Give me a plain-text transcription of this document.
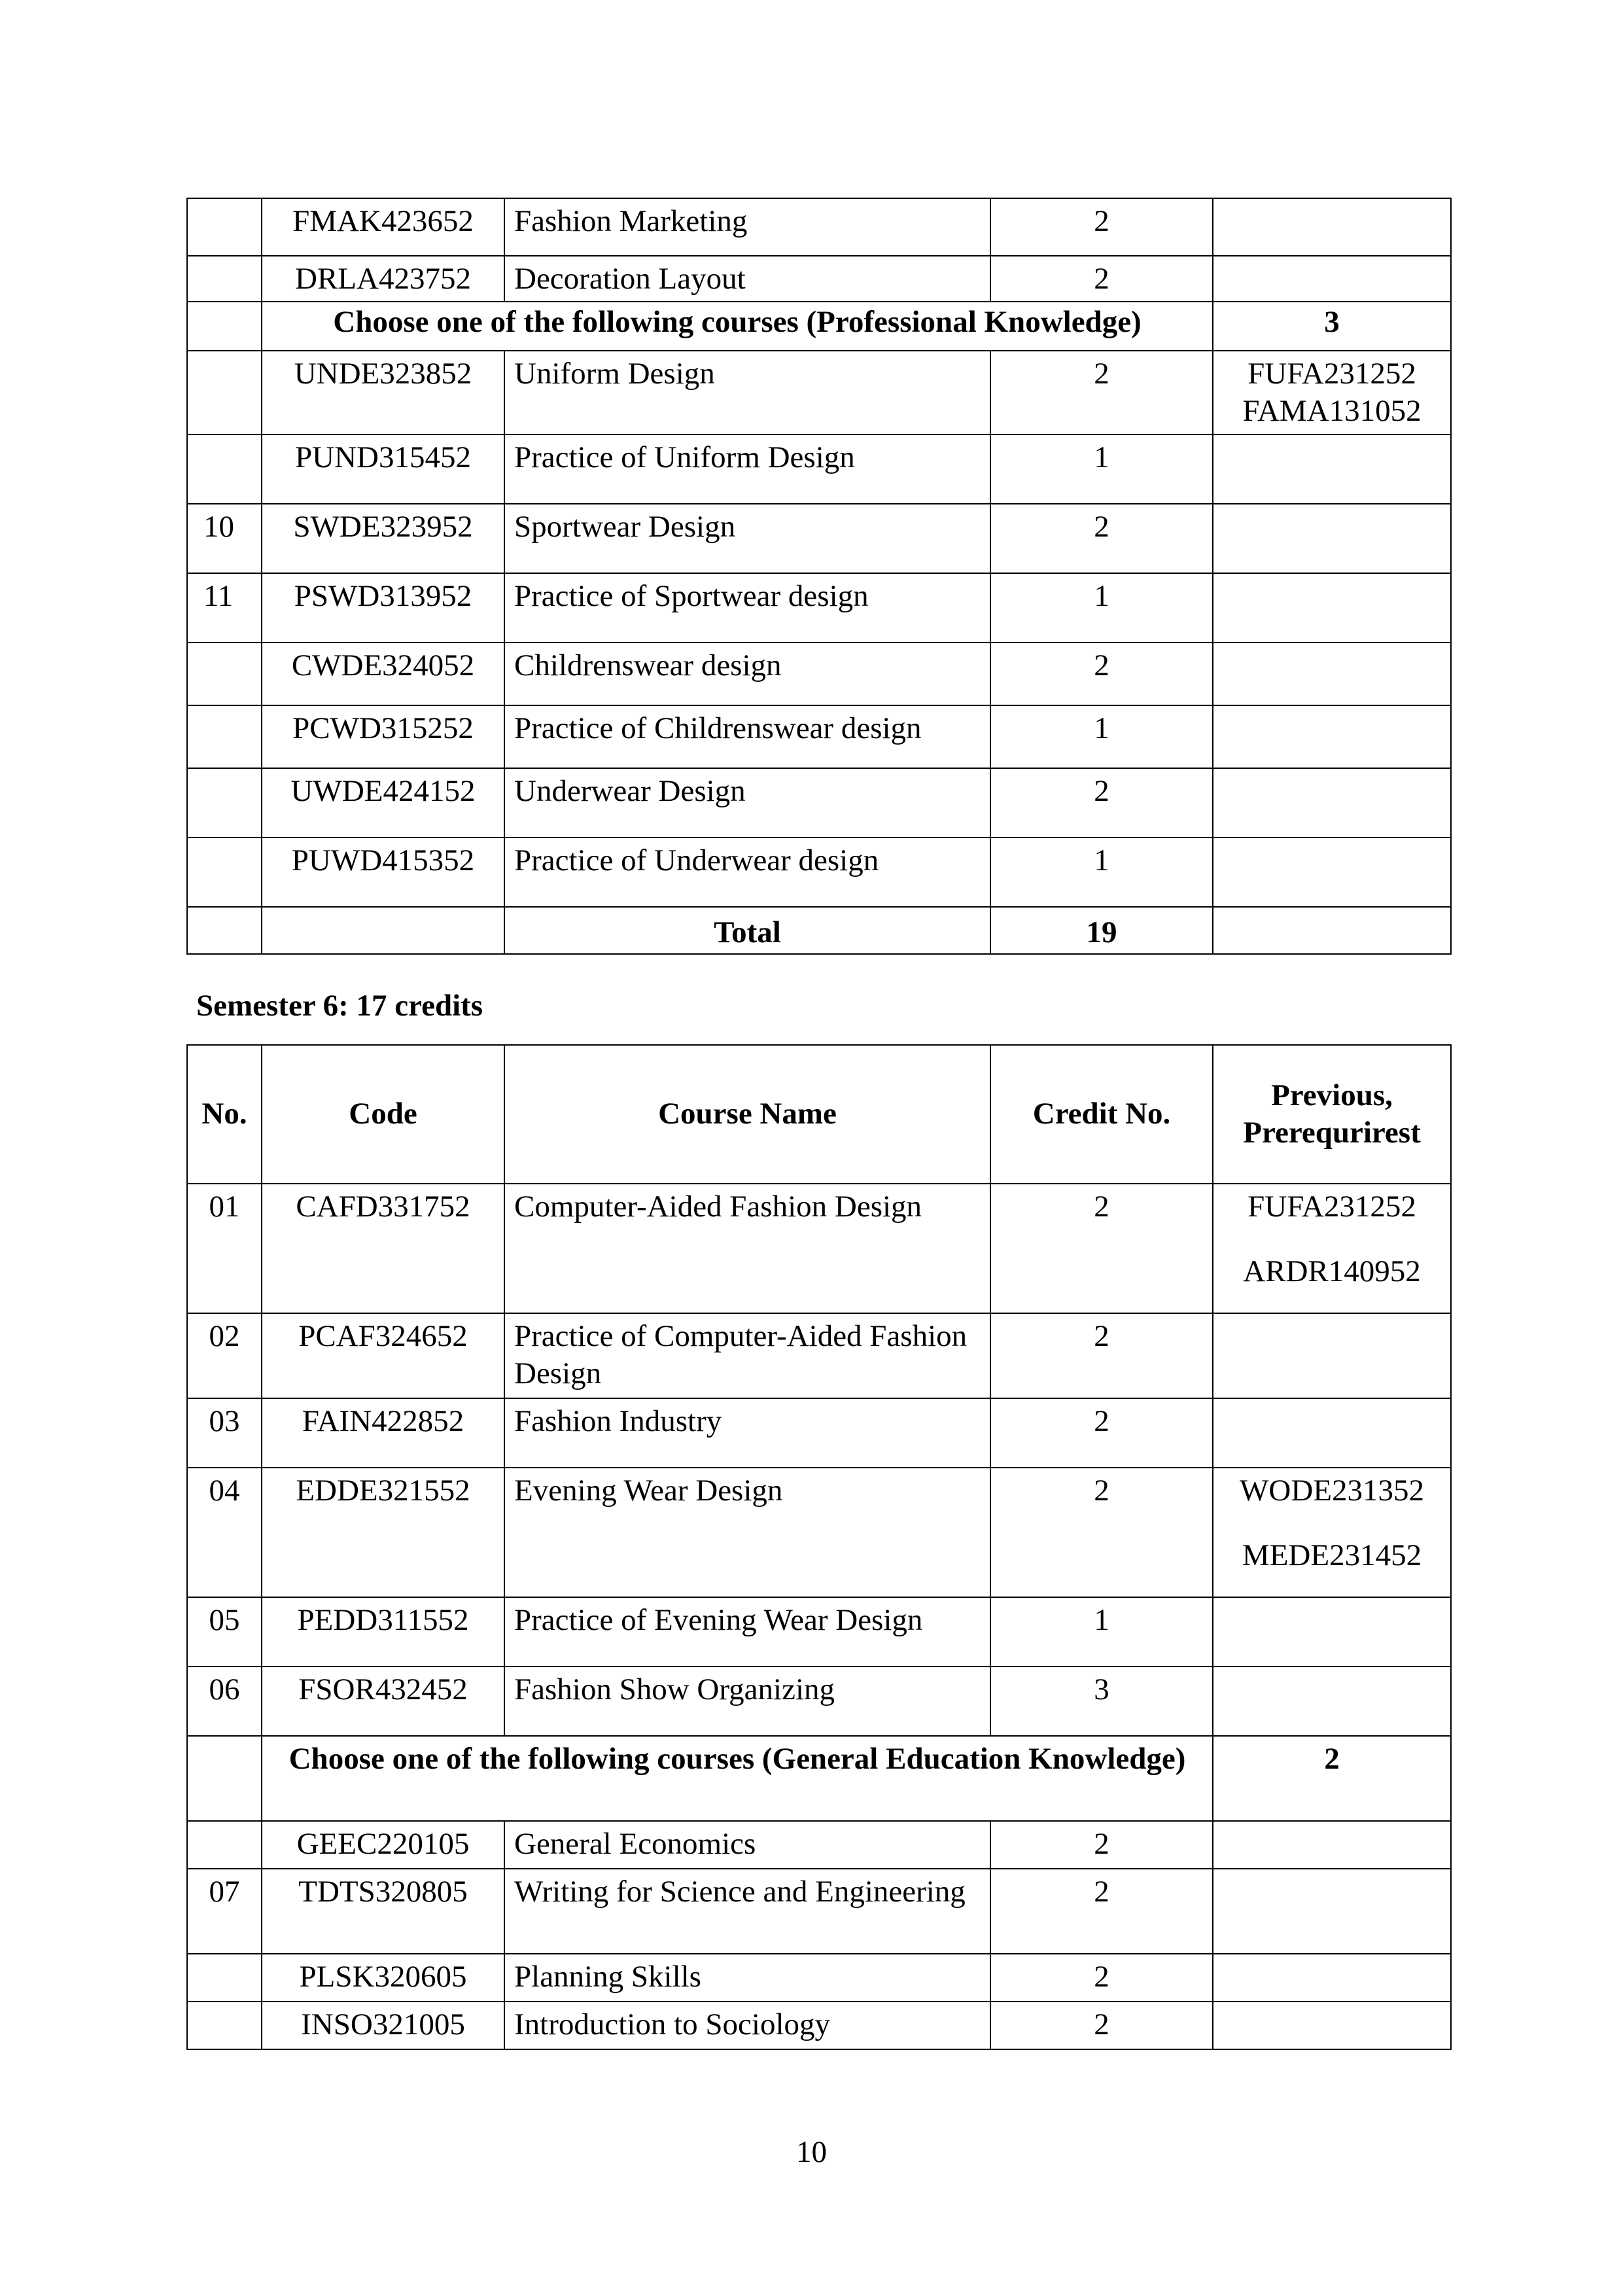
	FMAK423652	Fashion Marketing	2	
	DRLA423752	Decoration Layout	2	
	Choose one of the following courses (Professional Knowledge)			3
	UNDE323852	Uniform Design	2	FUFA231252
FAMA131052

	PUND315452	Practice of Uniform Design	1	
10	SWDE323952	Sportwear Design	2	
11	PSWD313952	Practice of Sportwear design	1	
	CWDE324052	Childrenswear design	2	
	PCWD315252	Practice of Childrenswear design	1	
	UWDE424152	Underwear Design	2	
	PUWD415352	Practice of Underwear design	1	
		Total	19	
Semester 6: 17 credits
No.	Code	Course Name	Credit No.	Previous,
Prerequrirest

01	CAFD331752	Computer-Aided Fashion Design	2	FUFA231252
ARDR140952

02	PCAF324652	Practice of Computer-Aided Fashion Design	2	
03	FAIN422852	Fashion Industry	2	
04	EDDE321552	Evening Wear Design	2	WODE231352
MEDE231452

05	PEDD311552	Practice of Evening Wear Design	1	
06	FSOR432452	Fashion Show Organizing	3	
	Choose one of the following courses (General Education Knowledge)			2
	GEEC220105	General Economics	2	
07	TDTS320805	Writing for Science and Engineering	2	
	PLSK320605	Planning Skills	2	
	INSO321005	Introduction to Sociology	2	
10
